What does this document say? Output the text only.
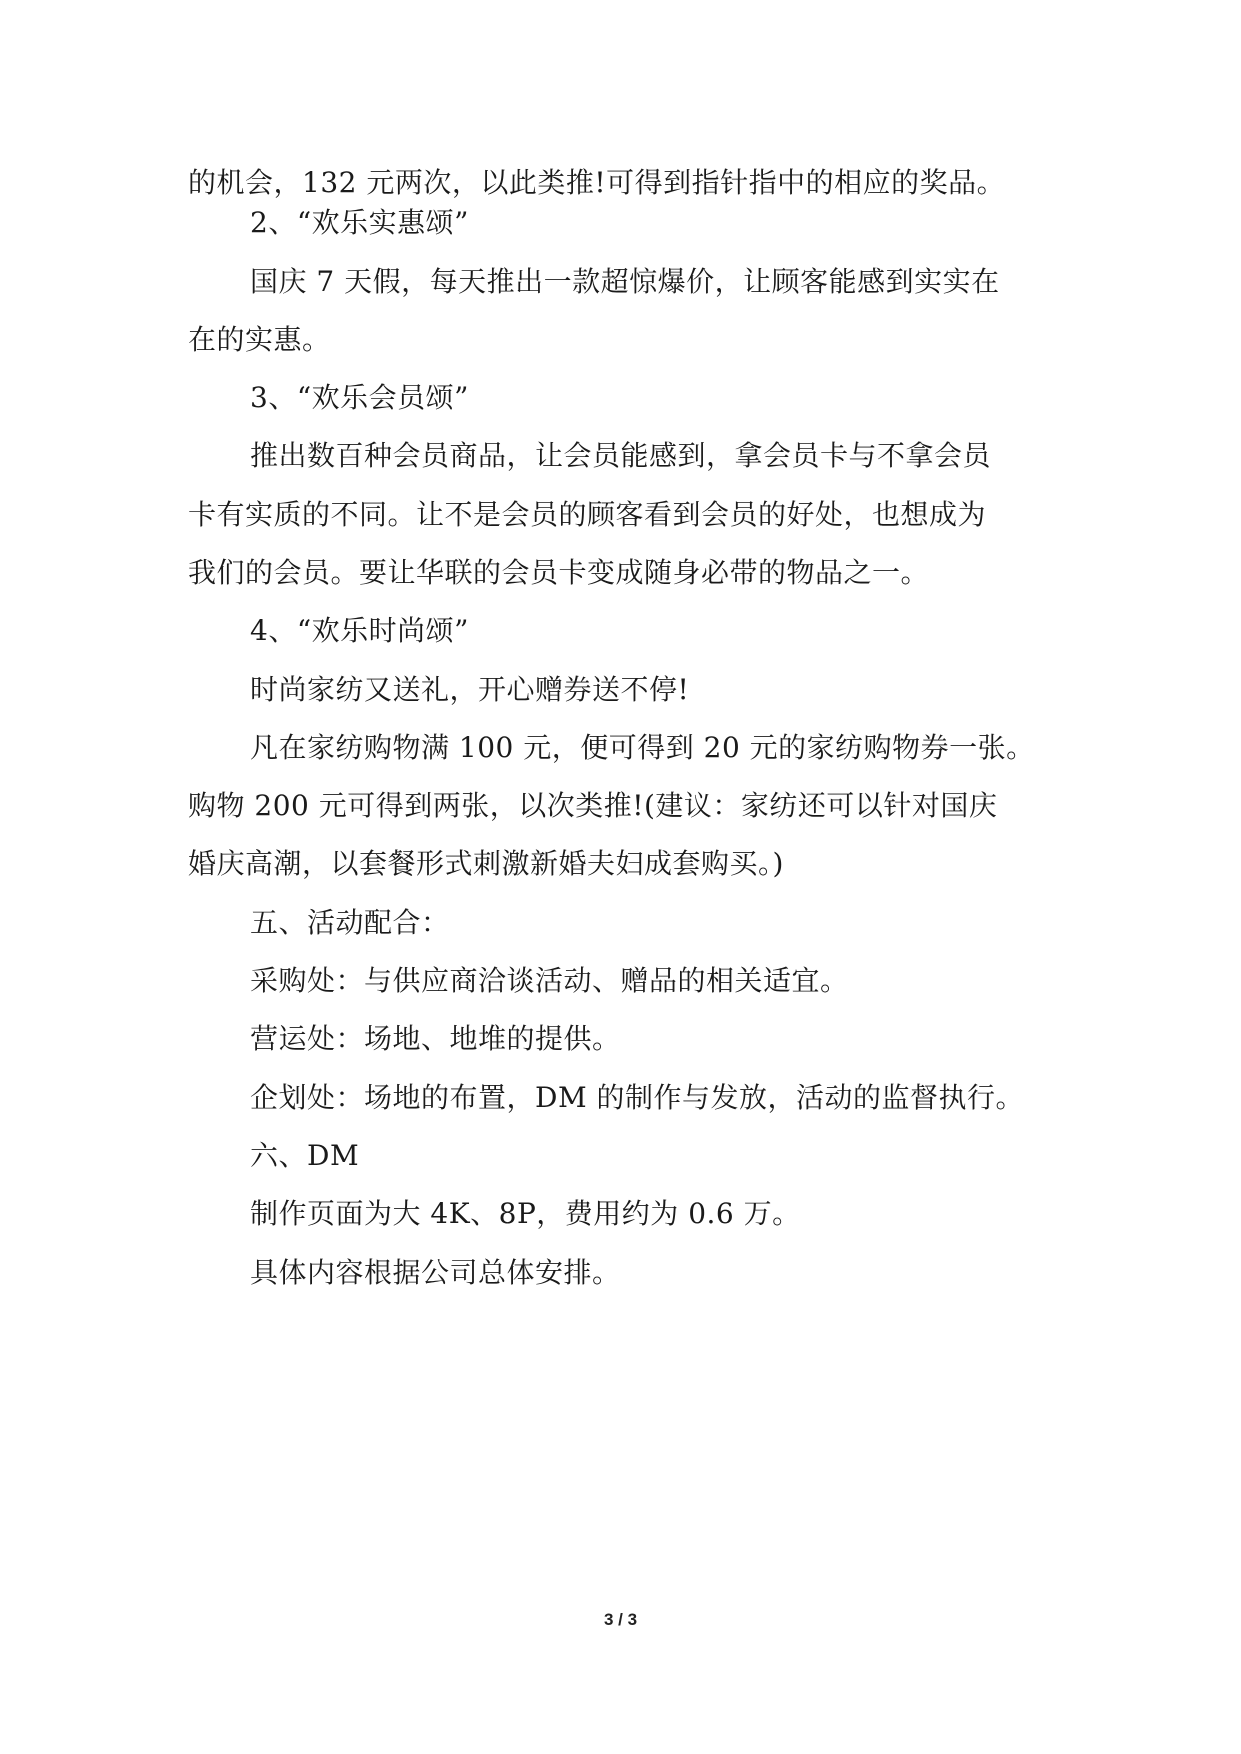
的机会，132 元两次，以此类推!可得到指针指中的相应的奖品。
2、“欢乐实惠颂”
国庆 7 天假，每天推出一款超惊爆价，让顾客能感到实实在
在的实惠。
3、“欢乐会员颂”
推出数百种会员商品，让会员能感到，拿会员卡与不拿会员
卡有实质的不同。让不是会员的顾客看到会员的好处，也想成为
我们的会员。要让华联的会员卡变成随身必带的物品之一。
4、“欢乐时尚颂”
时尚家纺又送礼，开心赠券送不停!
凡在家纺购物满 100 元，便可得到 20 元的家纺购物券一张。
购物 200 元可得到两张，以次类推!(建议：家纺还可以针对国庆
婚庆高潮，以套餐形式刺激新婚夫妇成套购买。)
五、活动配合：
采购处：与供应商洽谈活动、赠品的相关适宜。
营运处：场地、地堆的提供。
企划处：场地的布置，DM 的制作与发放，活动的监督执行。
六、DM
制作页面为大 4K、8P，费用约为 0.6 万。
具体内容根据公司总体安排。
3 / 3
